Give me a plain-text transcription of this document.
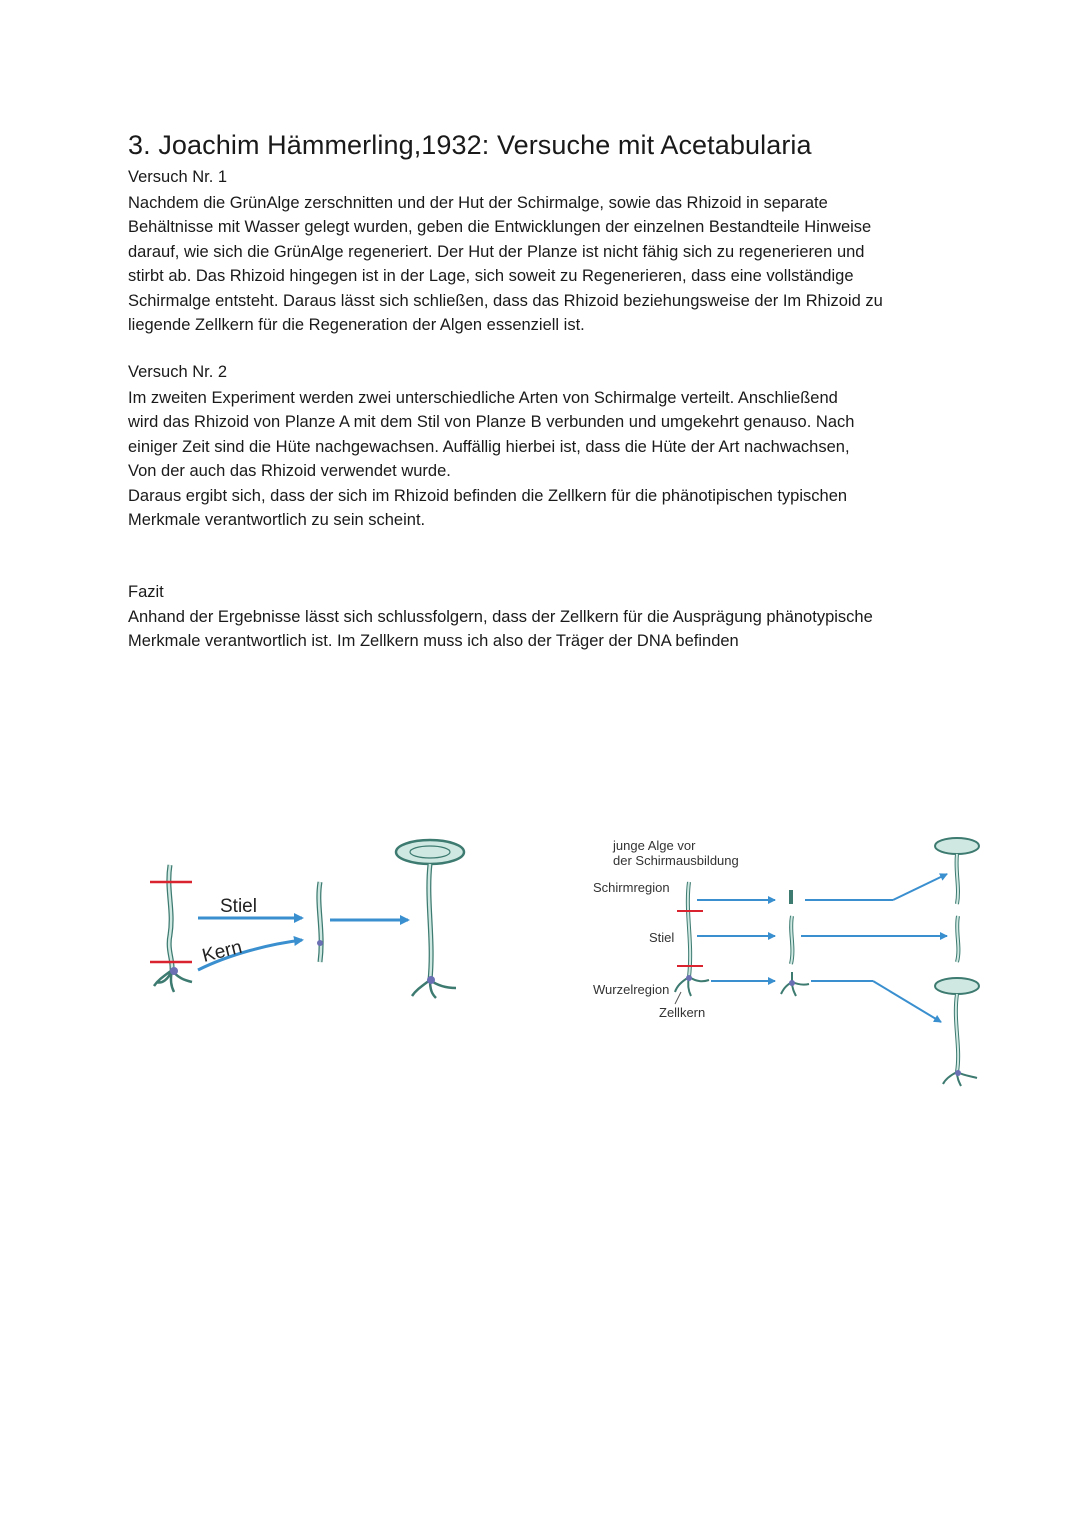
3. Joachim Hämmerling,1932: Versuche mit Acetabularia
Versuch Nr. 1
Nachdem die GrünAlge zerschnitten und der Hut der Schirmalge, sowie das Rhizoid in separate
Behältnisse mit Wasser gelegt wurden, geben die Entwicklungen der einzelnen Bestandteile Hinweise
darauf, wie sich die GrünAlge regeneriert. Der Hut der Planze ist nicht fähig sich zu regenerieren und
stirbt ab. Das Rhizoid hingegen ist in der Lage, sich soweit zu Regenerieren, dass eine vollständige
Schirmalge entsteht. Daraus lässt sich schließen, dass das Rhizoid beziehungsweise der Im Rhizoid zu
liegende Zellkern für die Regeneration der Algen essenziell ist.
Versuch Nr. 2
Im zweiten Experiment werden zwei unterschiedliche Arten von Schirmalge verteilt. Anschließend
wird das Rhizoid von Planze A mit dem Stil von Planze B verbunden und umgekehrt genauso. Nach
einiger Zeit sind die Hüte nachgewachsen. Auffällig hierbei ist, dass die Hüte der Art nachwachsen,
Von der auch das Rhizoid verwendet wurde.
Daraus ergibt sich, dass der sich im Rhizoid befinden die Zellkern für die phänotipischen typischen
Merkmale verantwortlich zu sein scheint.
Fazit
Anhand der Ergebnisse lässt sich schlussfolgern, dass der Zellkern für die Ausprägung phänotypische
Merkmale verantwortlich ist. Im Zellkern muss ich also der Träger der DNA befinden
Stiel
Kern
junge Alge vor
der Schirmausbildung
Schirmregion
Stiel
Wurzelregion
Zellkern
